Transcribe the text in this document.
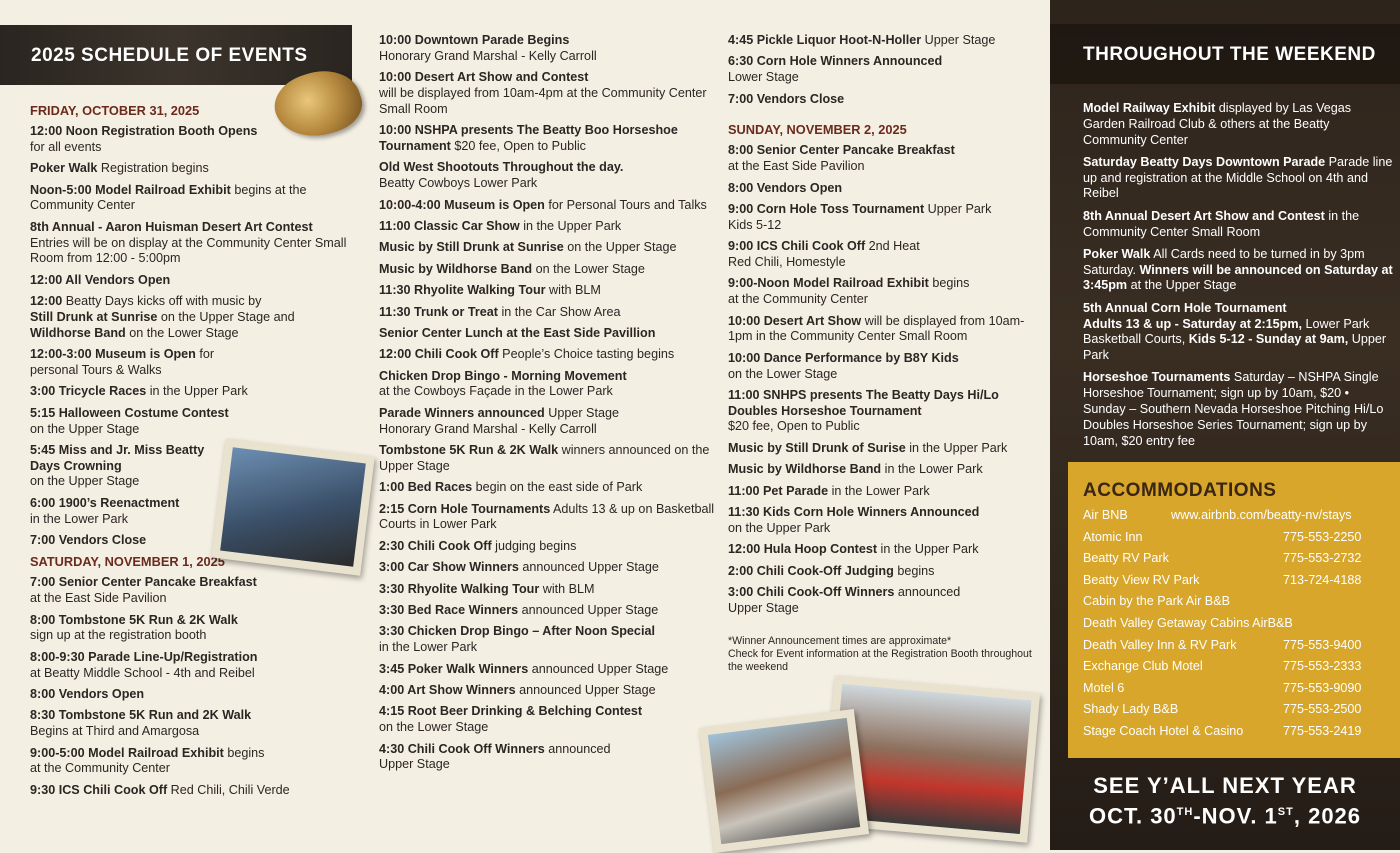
2025 SCHEDULE OF EVENTS
FRIDAY, OCTOBER 31, 2025
12:00 Noon Registration Booth Opens
for all events
Poker Walk Registration begins
Noon-5:00 Model Railroad Exhibit begins at the
Community Center
8th Annual - Aaron Huisman Desert Art Contest
Entries will be on display at the Community Center Small Room from 12:00 - 5:00pm
12:00 All Vendors Open
12:00 Beatty Days kicks off with music by
Still Drunk at Sunrise on the Upper Stage and
Wildhorse Band on the Lower Stage
12:00-3:00 Museum is Open for
personal Tours & Walks
3:00 Tricycle Races in the Upper Park
5:15 Halloween Costume Contest
on the Upper Stage
5:45 Miss and Jr. Miss Beatty Days Crowning
on the Upper Stage
6:00 1900’s Reenactment
in the Lower Park
7:00 Vendors Close
SATURDAY, NOVEMBER 1, 2025
7:00 Senior Center Pancake Breakfast
at the East Side Pavilion
8:00 Tombstone 5K Run & 2K Walk
sign up at the registration booth
8:00-9:30 Parade Line-Up/Registration
at Beatty Middle School - 4th and Reibel
8:00 Vendors Open
8:30 Tombstone 5K Run and 2K Walk
Begins at Third and Amargosa
9:00-5:00 Model Railroad Exhibit begins
at the Community Center
9:30 ICS Chili Cook Off Red Chili, Chili Verde
10:00 Downtown Parade Begins
Honorary Grand Marshal - Kelly Carroll
10:00 Desert Art Show and Contest
will be displayed from 10am-4pm at the Community Center Small Room
10:00 NSHPA presents The Beatty Boo Horseshoe Tournament $20 fee, Open to Public
Old West Shootouts Throughout the day.
Beatty Cowboys Lower Park
10:00-4:00 Museum is Open for Personal Tours and Talks
11:00 Classic Car Show in the Upper Park
Music by Still Drunk at Sunrise on the Upper Stage
Music by Wildhorse Band on the Lower Stage
11:30 Rhyolite Walking Tour with BLM
11:30 Trunk or Treat in the Car Show Area
Senior Center Lunch at the East Side Pavillion
12:00 Chili Cook Off People’s Choice tasting begins
Chicken Drop Bingo - Morning Movement
at the Cowboys Façade in the Lower Park
Parade Winners announced Upper Stage
Honorary Grand Marshal - Kelly Carroll
Tombstone 5K Run & 2K Walk winners announced on the Upper Stage
1:00 Bed Races begin on the east side of Park
2:15 Corn Hole Tournaments Adults 13 & up on Basketball Courts in Lower Park
2:30 Chili Cook Off judging begins
3:00 Car Show Winners announced Upper Stage
3:30 Rhyolite Walking Tour with BLM
3:30 Bed Race Winners announced Upper Stage
3:30 Chicken Drop Bingo – After Noon Special
in the Lower Park
3:45 Poker Walk Winners announced Upper Stage
4:00 Art Show Winners announced Upper Stage
4:15 Root Beer Drinking & Belching Contest
on the Lower Stage
4:30 Chili Cook Off Winners announced
Upper Stage
4:45 Pickle Liquor Hoot-N-Holler Upper Stage
6:30 Corn Hole Winners Announced
Lower Stage
7:00 Vendors Close
SUNDAY, NOVEMBER 2, 2025
8:00 Senior Center Pancake Breakfast
at the East Side Pavilion
8:00 Vendors Open
9:00 Corn Hole Toss Tournament Upper Park
Kids 5-12
9:00 ICS Chili Cook Off 2nd Heat
Red Chili, Homestyle
9:00-Noon Model Railroad Exhibit begins
at the Community Center
10:00 Desert Art Show will be displayed from 10am-1pm in the Community Center Small Room
10:00 Dance Performance by B8Y Kids
on the Lower Stage
11:00 SNHPS presents The Beatty Days Hi/Lo Doubles Horseshoe Tournament
$20 fee, Open to Public
Music by Still Drunk of Surise in the Upper Park
Music by Wildhorse Band in the Lower Park
11:00 Pet Parade in the Lower Park
11:30 Kids Corn Hole Winners Announced
on the Upper Park
12:00 Hula Hoop Contest in the Upper Park
2:00 Chili Cook-Off Judging begins
3:00 Chili Cook-Off Winners announced
Upper Stage
*Winner Announcement times are approximate*
Check for Event information at the Registration Booth throughout the weekend
THROUGHOUT THE WEEKEND
Model Railway Exhibit displayed by Las Vegas Garden Railroad Club & others at the Beatty Community Center
Saturday Beatty Days Downtown Parade Parade line up and registration at the Middle School on 4th and Reibel
8th Annual Desert Art Show and Contest in the Community Center Small Room
Poker Walk All Cards need to be turned in by 3pm Saturday. Winners will be announced on Saturday at 3:45pm at the Upper Stage
5th Annual Corn Hole Tournament
Adults 13 & up - Saturday at 2:15pm, Lower Park Basketball Courts, Kids 5-12 - Sunday at 9am, Upper Park
Horseshoe Tournaments Saturday – NSHPA Single Horseshoe Tournament; sign up by 10am, $20 • Sunday – Southern Nevada Horseshoe Pitching Hi/Lo Doubles Horseshoe Series Tournament; sign up by 10am, $20 entry fee
ACCOMMODATIONS
Air BNB	www.airbnb.com/beatty-nv/stays
Atomic Inn	775-553-2250
Beatty RV Park	775-553-2732
Beatty View RV Park	713-724-4188
Cabin by the Park Air B&B
Death Valley Getaway Cabins AirB&B
Death Valley Inn & RV Park	775-553-9400
Exchange Club Motel	775-553-2333
Motel 6	775-553-9090
Shady Lady B&B	775-553-2500
Stage Coach Hotel & Casino	775-553-2419
SEE Y’ALL NEXT YEAR
OCT. 30TH-NOV. 1ST, 2026
